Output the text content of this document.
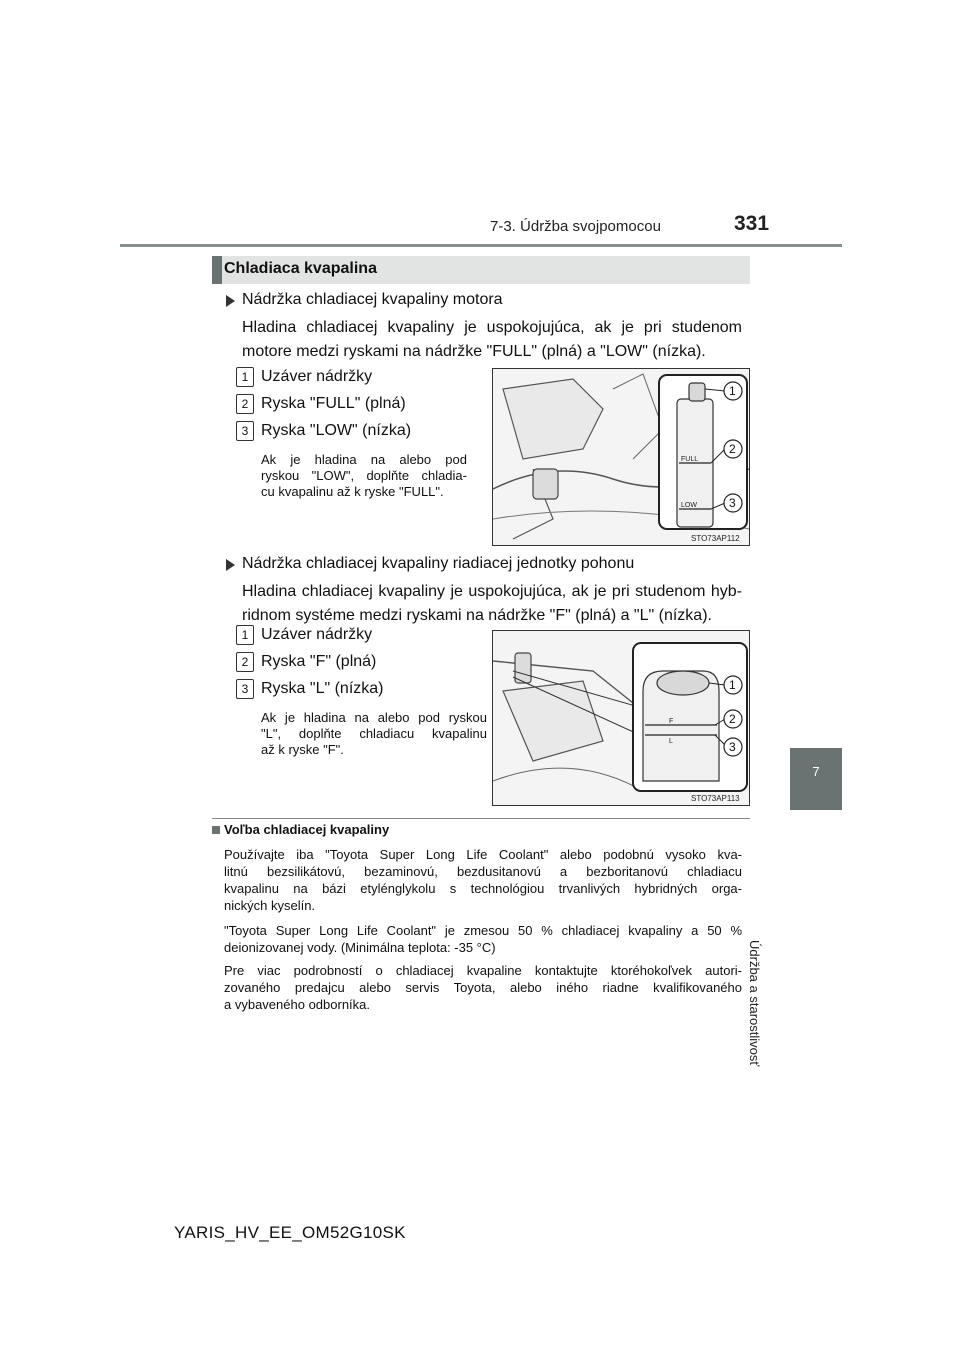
7-3. Údržba svojpomocou	331
7
Údržba a starostlivosť
Chladiaca kvapalina
Nádržka chladiacej kvapaliny motora
Hladina chladiacej kvapaliny je uspokojujúca, ak je pri studenom
motore medzi ryskami na nádržke "FULL" (plná) a "LOW" (nízka).
1 Uzáver nádržky
2 Ryska "FULL" (plná)
3 Ryska "LOW" (nízka)
Ak je hladina na alebo pod
ryskou "LOW", doplňte chladia-
cu kvapalinu až k ryske "FULL".
FULL
LOW
1
2
3
STO73AP112
Nádržka chladiacej kvapaliny riadiacej jednotky pohonu
Hladina chladiacej kvapaliny je uspokojujúca, ak je pri studenom hyb-
ridnom systéme medzi ryskami na nádržke "F" (plná) a "L" (nízka).
1 Uzáver nádržky
2 Ryska "F" (plná)
3 Ryska "L" (nízka)
Ak je hladina na alebo pod ryskou
"L", doplňte chladiacu kvapalinu
až k ryske "F".
F
L
1
2
3
STO73AP113
Voľba chladiacej kvapaliny
Používajte iba "Toyota Super Long Life Coolant" alebo podobnú vysoko kva-
litnú bezsilikátovú, bezaminovú, bezdusitanovú a bezboritanovú chladiacu
kvapalinu na bázi etylénglykolu s technológiou trvanlivých hybridných orga-
nických kyselín.
"Toyota Super Long Life Coolant" je zmesou 50 % chladiacej kvapaliny a 50 %
deionizovanej vody. (Minimálna teplota: -35 °C)
Pre viac podrobností o chladiacej kvapaline kontaktujte ktoréhokoľvek autori-
zovaného predajcu alebo servis Toyota, alebo iného riadne kvalifikovaného
a vybaveného odborníka.
YARIS_HV_EE_OM52G10SK
